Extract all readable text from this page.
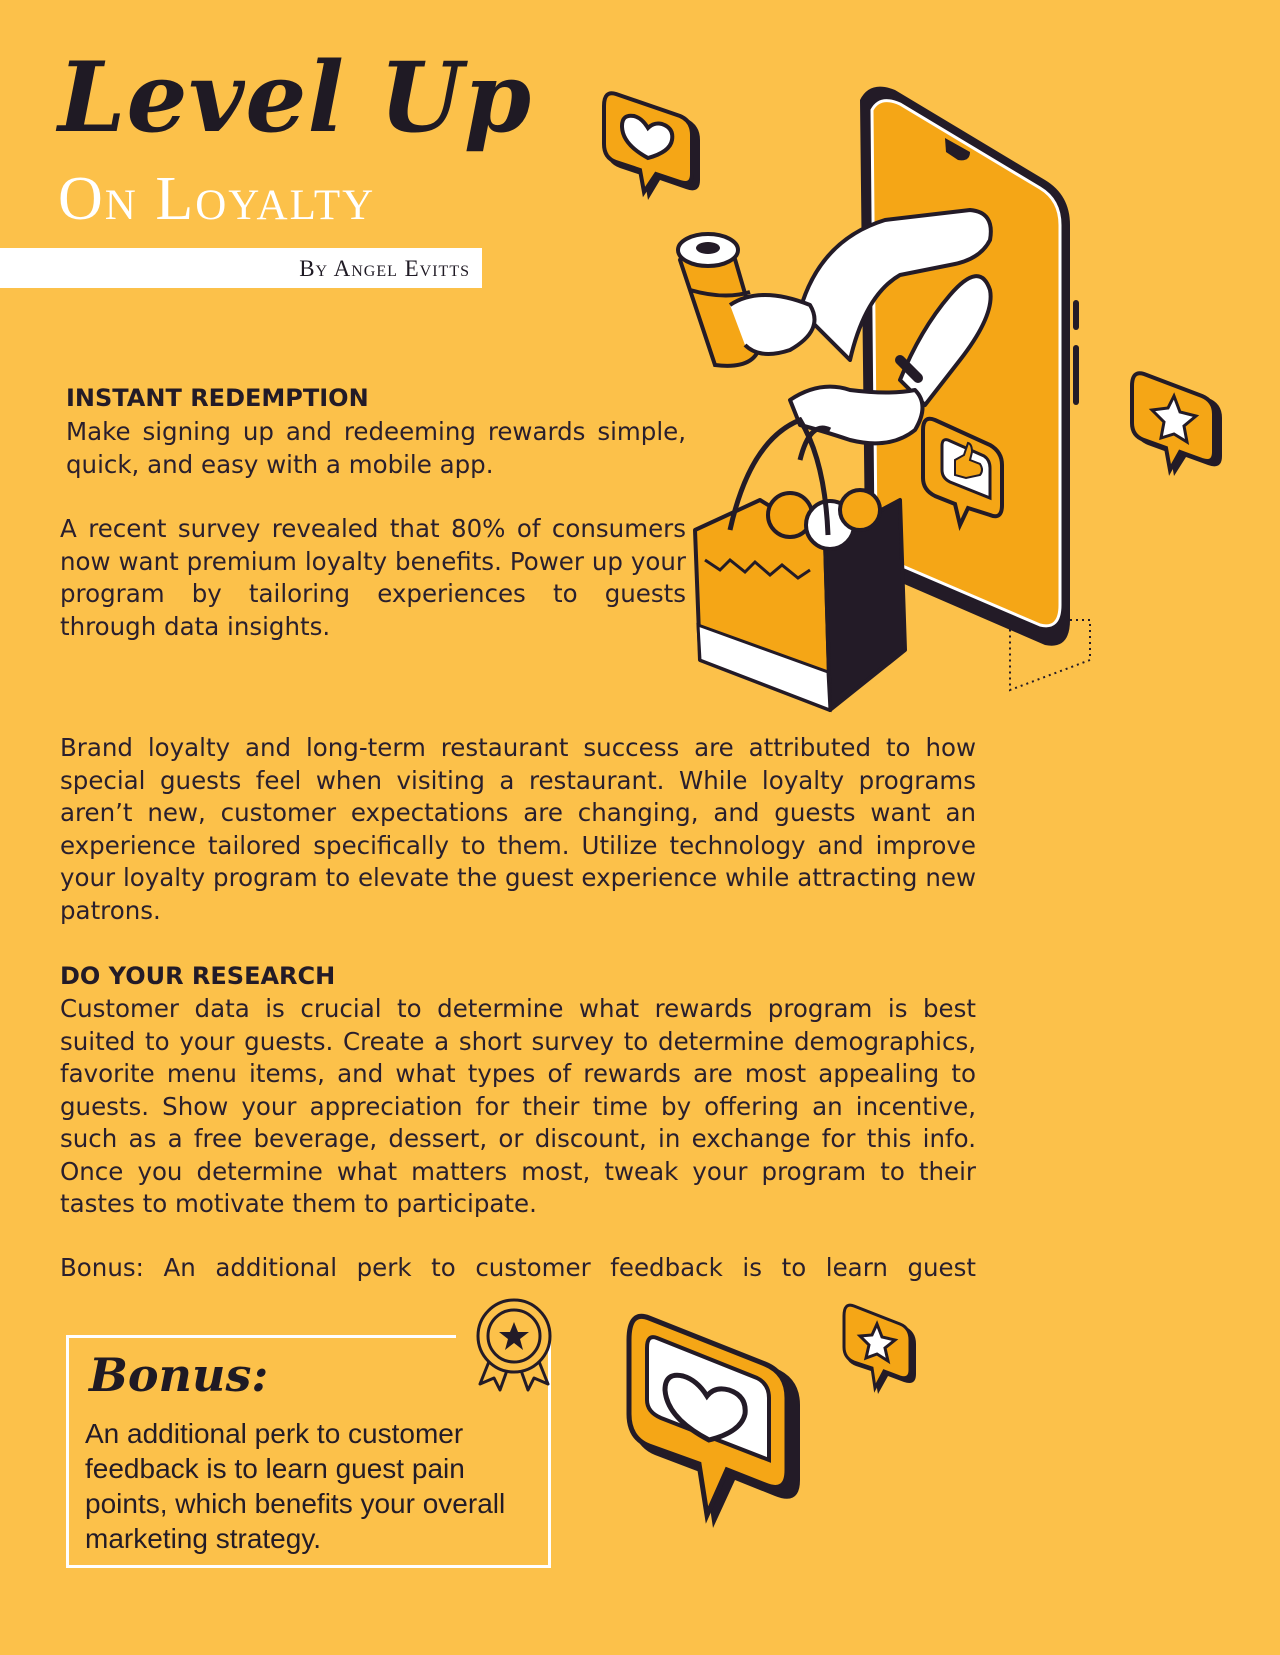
Level Up
On Loyalty
By Angel Evitts
INSTANT REDEMPTION

Make signing up and redeeming rewards simple, quick, and easy with a mobile app.

A recent survey revealed that 80% of consumers now want premium loyalty benefits. Power up your program by tailoring experiences to guests through data insights.

Brand loyalty and long-term restaurant success are attributed to how special guests feel when visiting a restaurant. While loyalty programs aren’t new, customer expectations are changing, and guests want an experience tailored specifically to them. Utilize technology and improve your loyalty program to elevate the guest experience while attracting new patrons.

DO YOUR RESEARCH

Customer data is crucial to determine what rewards program is best suited to your guests. Create a short survey to determine demographics, favorite menu items, and what types of rewards are most appealing to guests. Show your appreciation for their time by offering an incentive, such as a free beverage, dessert, or discount, in exchange for this info. Once you determine what matters most, tweak your program to their tastes to motivate them to participate.

Bonus: An additional perk to customer feedback is to learn guest

Bonus:

An additional perk to customer feedback is to learn guest pain points, which benefits your overall marketing strategy.
